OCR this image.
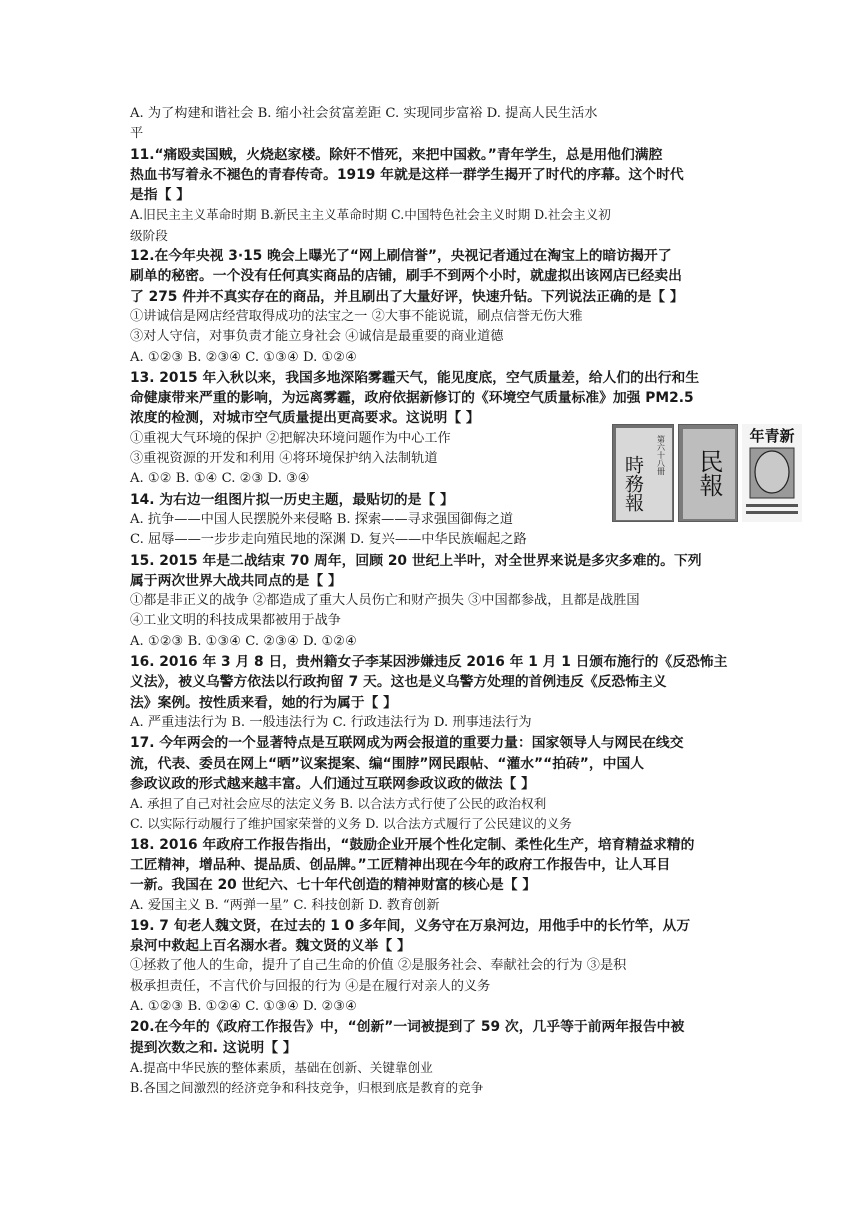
A. 为了构建和谐社会 B. 缩小社会贫富差距 C. 实现同步富裕 D. 提高人民生活水
平
11.“痛殴卖国贼，火烧赵家楼。除奸不惜死，来把中国救。”青年学生，总是用他们满腔
热血书写着永不褪色的青春传奇。1919 年就是这样一群学生揭开了时代的序幕。这个时代
是指【 】
A.旧民主主义革命时期 B.新民主主义革命时期 C.中国特色社会主义时期 D.社会主义初
级阶段
12.在今年央视 3·15 晚会上曝光了“网上刷信誉”，央视记者通过在淘宝上的暗访揭开了
刷单的秘密。一个没有任何真实商品的店铺，刷手不到两个小时，就虚拟出该网店已经卖出
了 275 件并不真实存在的商品，并且刷出了大量好评，快速升钻。下列说法正确的是【 】
①讲诚信是网店经营取得成功的法宝之一 ②大事不能说谎，刷点信誉无伤大雅
③对人守信，对事负责才能立身社会 ④诚信是最重要的商业道德
A. ①②③ B. ②③④ C. ①③④ D. ①②④
13. 2015 年入秋以来，我国多地深陷雾霾天气，能见度底，空气质量差，给人们的出行和生
命健康带来严重的影响，为远离雾霾，政府依据新修订的《环境空气质量标准》加强 PM2.5
浓度的检测，对城市空气质量提出更高要求。这说明【 】
①重视大气环境的保护 ②把解决环境问题作为中心工作
③重视资源的开发和利用 ④将环境保护纳入法制轨道
A. ①② B. ①④ C. ②③ D. ③④
14. 为右边一组图片拟一历史主题，最贴切的是【 】
A. 抗争——中国人民摆脱外来侵略 B. 探索——寻求强国御侮之道
C. 屈辱——一步步走向殖民地的深渊 D. 复兴——中华民族崛起之路
15. 2015 年是二战结束 70 周年，回顾 20 世纪上半叶，对全世界来说是多灾多难的。下列
属于两次世界大战共同点的是【 】
①都是非正义的战争 ②都造成了重大人员伤亡和财产损失 ③中国都参战，且都是战胜国
④工业文明的科技成果都被用于战争
A. ①②③ B. ①③④ C. ②③④ D. ①②④
16. 2016 年 3 月 8 日，贵州籍女子李某因涉嫌违反 2016 年 1 月 1 日颁布施行的《反恐怖主
义法》，被义乌警方依法以行政拘留 7 天。这也是义乌警方处理的首例违反《反恐怖主义
法》案例。按性质来看，她的行为属于【 】
A. 严重违法行为 B. 一般违法行为 C. 行政违法行为 D. 刑事违法行为
17. 今年两会的一个显著特点是互联网成为两会报道的重要力量：国家领导人与网民在线交
流，代表、委员在网上“晒”议案提案、编“围脖”网民跟帖、“灌水”“拍砖”，中国人
参政议政的形式越来越丰富。人们通过互联网参政议政的做法【 】
A. 承担了自己对社会应尽的法定义务 B. 以合法方式行使了公民的政治权利
C. 以实际行动履行了维护国家荣誉的义务 D. 以合法方式履行了公民建议的义务
18. 2016 年政府工作报告指出，“鼓励企业开展个性化定制、柔性化生产，培育精益求精的
工匠精神，增品种、提品质、创品牌。”工匠精神出现在今年的政府工作报告中，让人耳目
一新。我国在 20 世纪六、七十年代创造的精神财富的核心是【 】
A. 爱国主义 B. “两弹一星” C. 科技创新 D. 教育创新
19. 7 旬老人魏文贤，在过去的 1 0 多年间，义务守在万泉河边，用他手中的长竹竿，从万
泉河中救起上百名溺水者。魏文贤的义举【 】
①拯救了他人的生命，提升了自己生命的价值 ②是服务社会、奉献社会的行为 ③是积
极承担责任，不言代价与回报的行为 ④是在履行对亲人的义务
A. ①②③ B. ①②④ C. ①③④ D. ②③④
20.在今年的《政府工作报告》中，“创新”一词被提到了 59 次，几乎等于前两年报告中被
提到次数之和. 这说明【 】
A.提高中华民族的整体素质，基础在创新、关键靠创业
B.各国之间激烈的经济竞争和科技竞争，归根到底是教育的竞争
時務報 第六十八冊 民報
年青新
